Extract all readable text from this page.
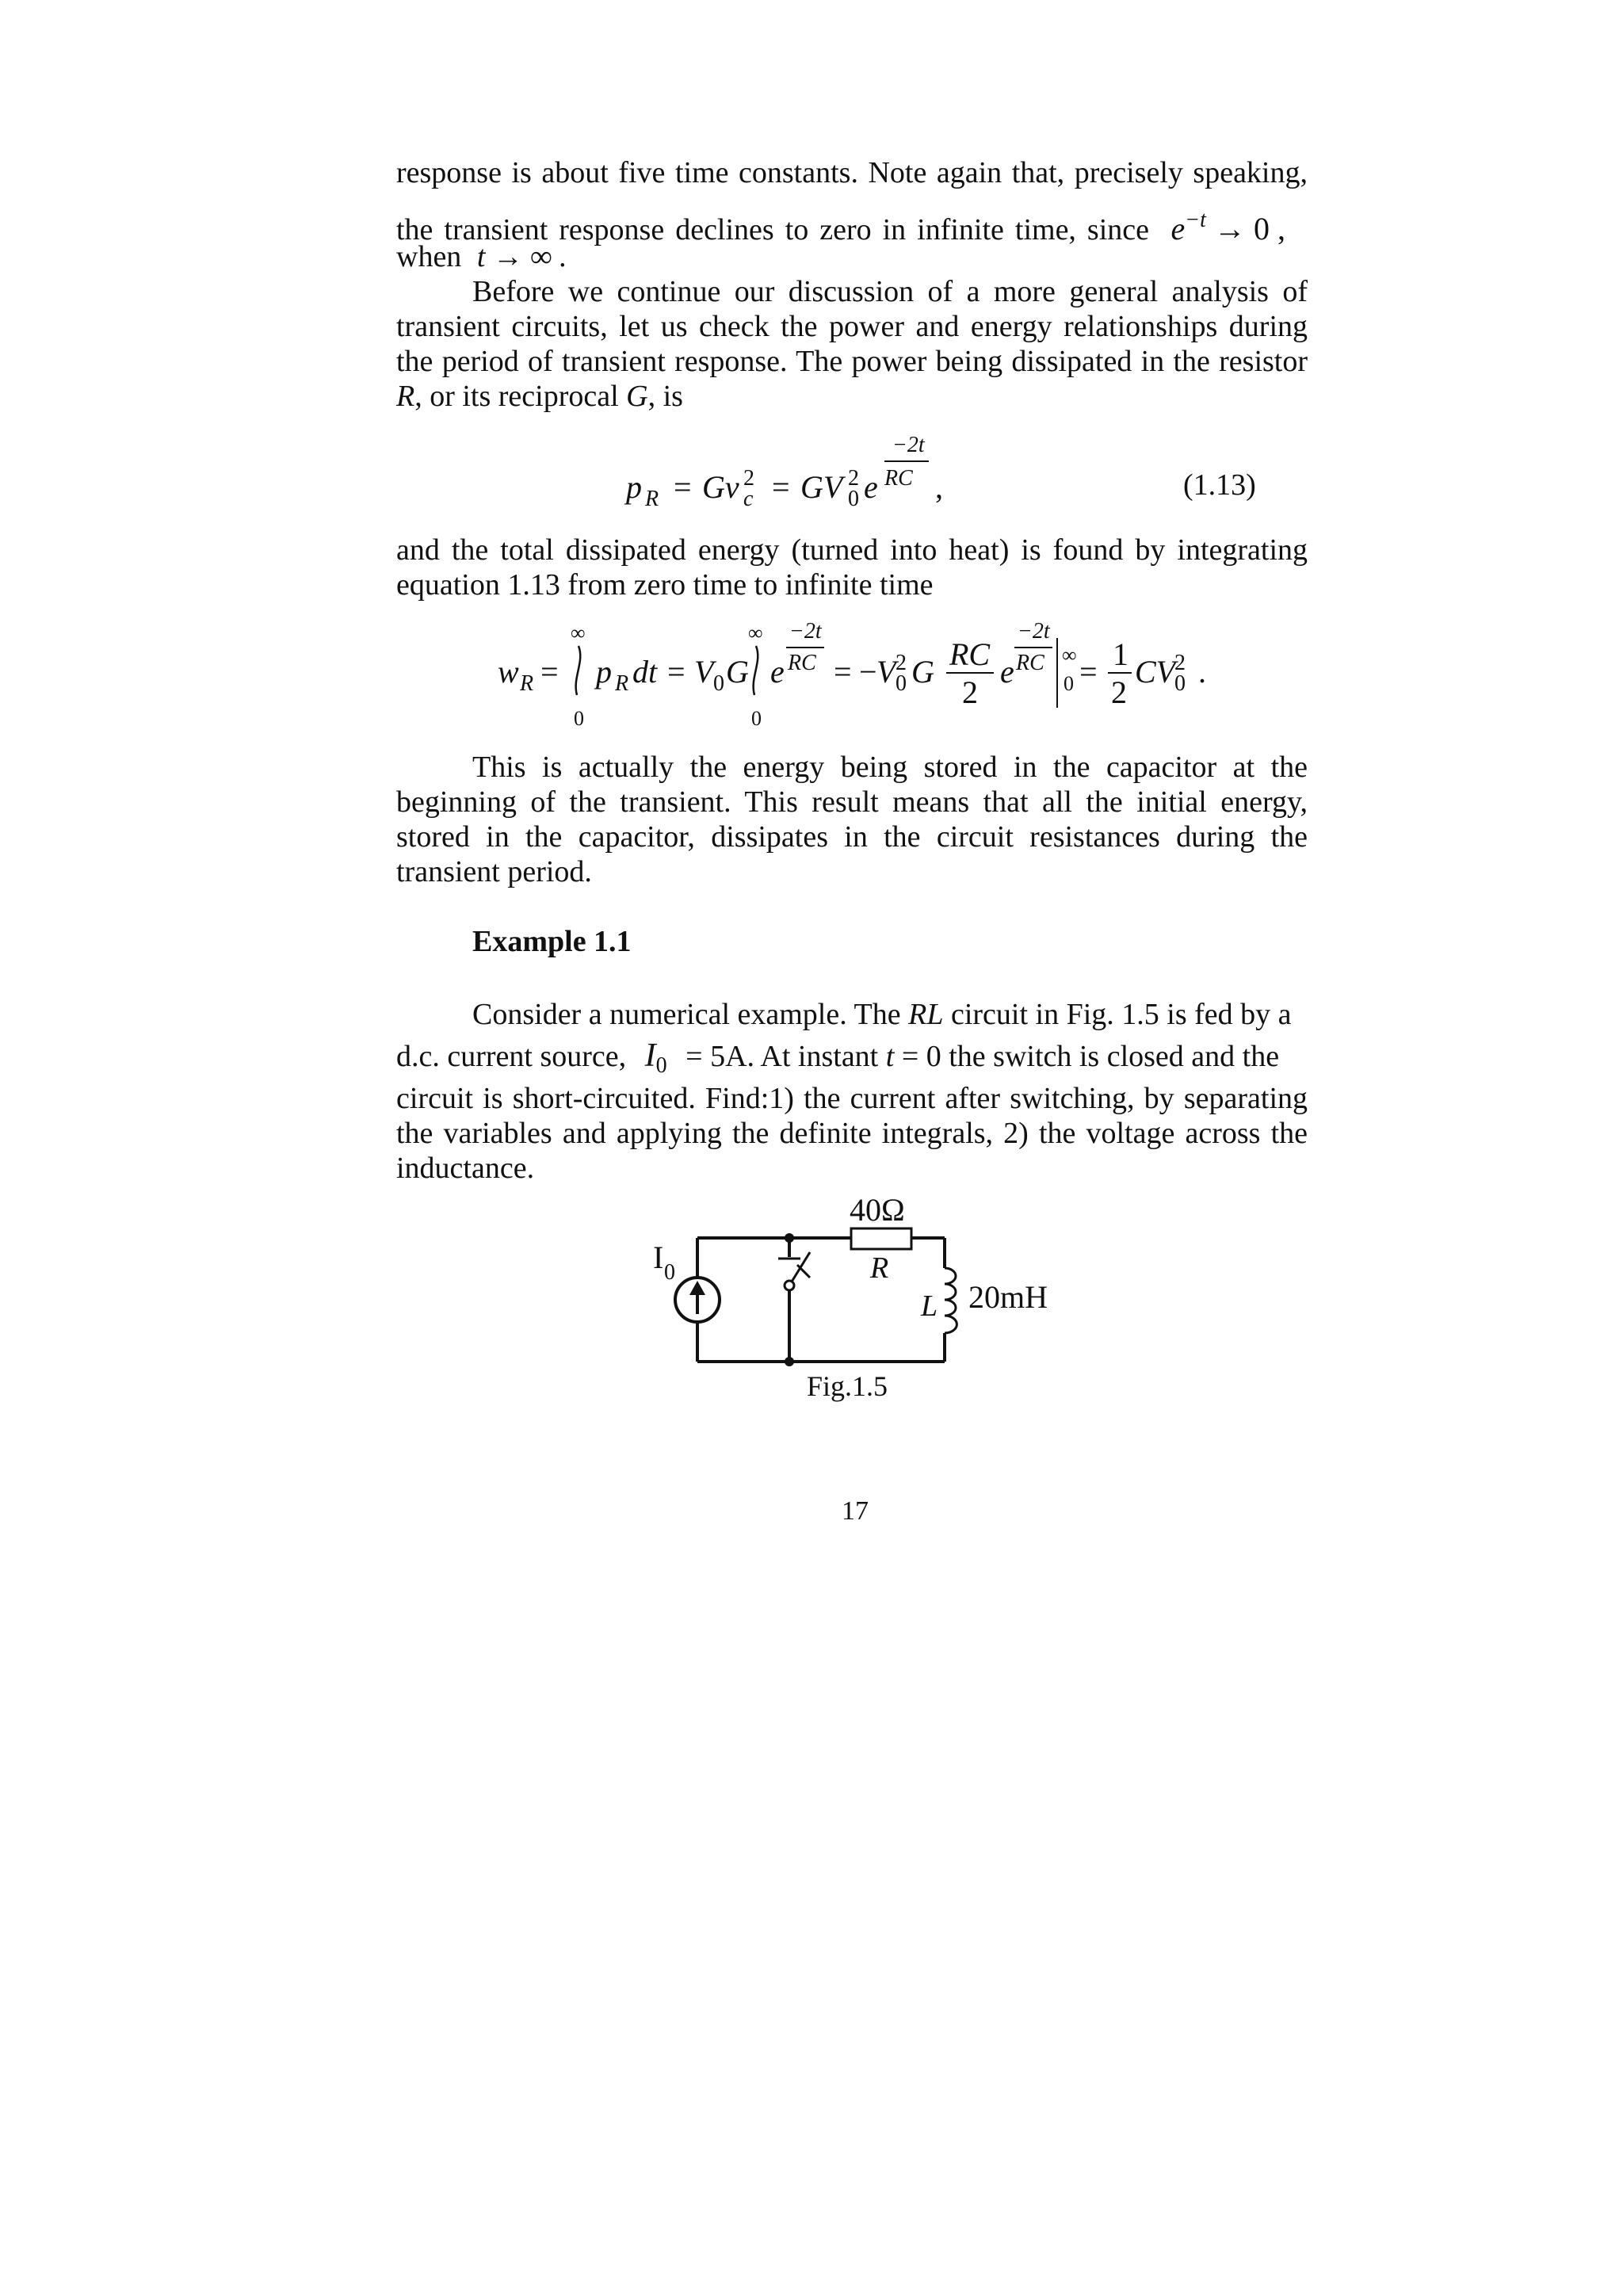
response is about five time constants. Note again that, precisely speaking,
the transient response declines to zero in infinite time, since $e^{-t} \to 0$ ,
when t → ∞ .
Before we continue our discussion of a more general analysis of
transient circuits, let us check the power and energy relationships during
the period of transient response. The power being dissipated in the resistor
R, or its reciprocal G, is
p R = Gv 2
c = GV 2
0 e
−2t
RC ,	(1.13)
and the total dissipated energy (turned into heat) is found by integrating
equation 1.13 from zero time to infinite time
w R =
∞
0
p R dt = V 0 G
∞
0
e
−2t
RC = − V 2
0 G RC
2
e
−2t
RC ∞
0 = 1
2
CV
2
0 .
This is actually the energy being stored in the capacitor at the
beginning of the transient. This result means that all the initial energy,
stored in the capacitor, dissipates in the circuit resistances during the
transient period.
Example 1.1
Consider a numerical example. The RL circuit in Fig. 1.5 is fed by a
d.c. current source, $I_0 = 5A$. At instant t = 0 the switch is closed and the
circuit is short-circuited. Find:1) the current after switching, by separating
the variables and applying the definite integrals, 2) the voltage across the
inductance.
40Ω
R
L 20mH
I 0
Fig.1.5
17
